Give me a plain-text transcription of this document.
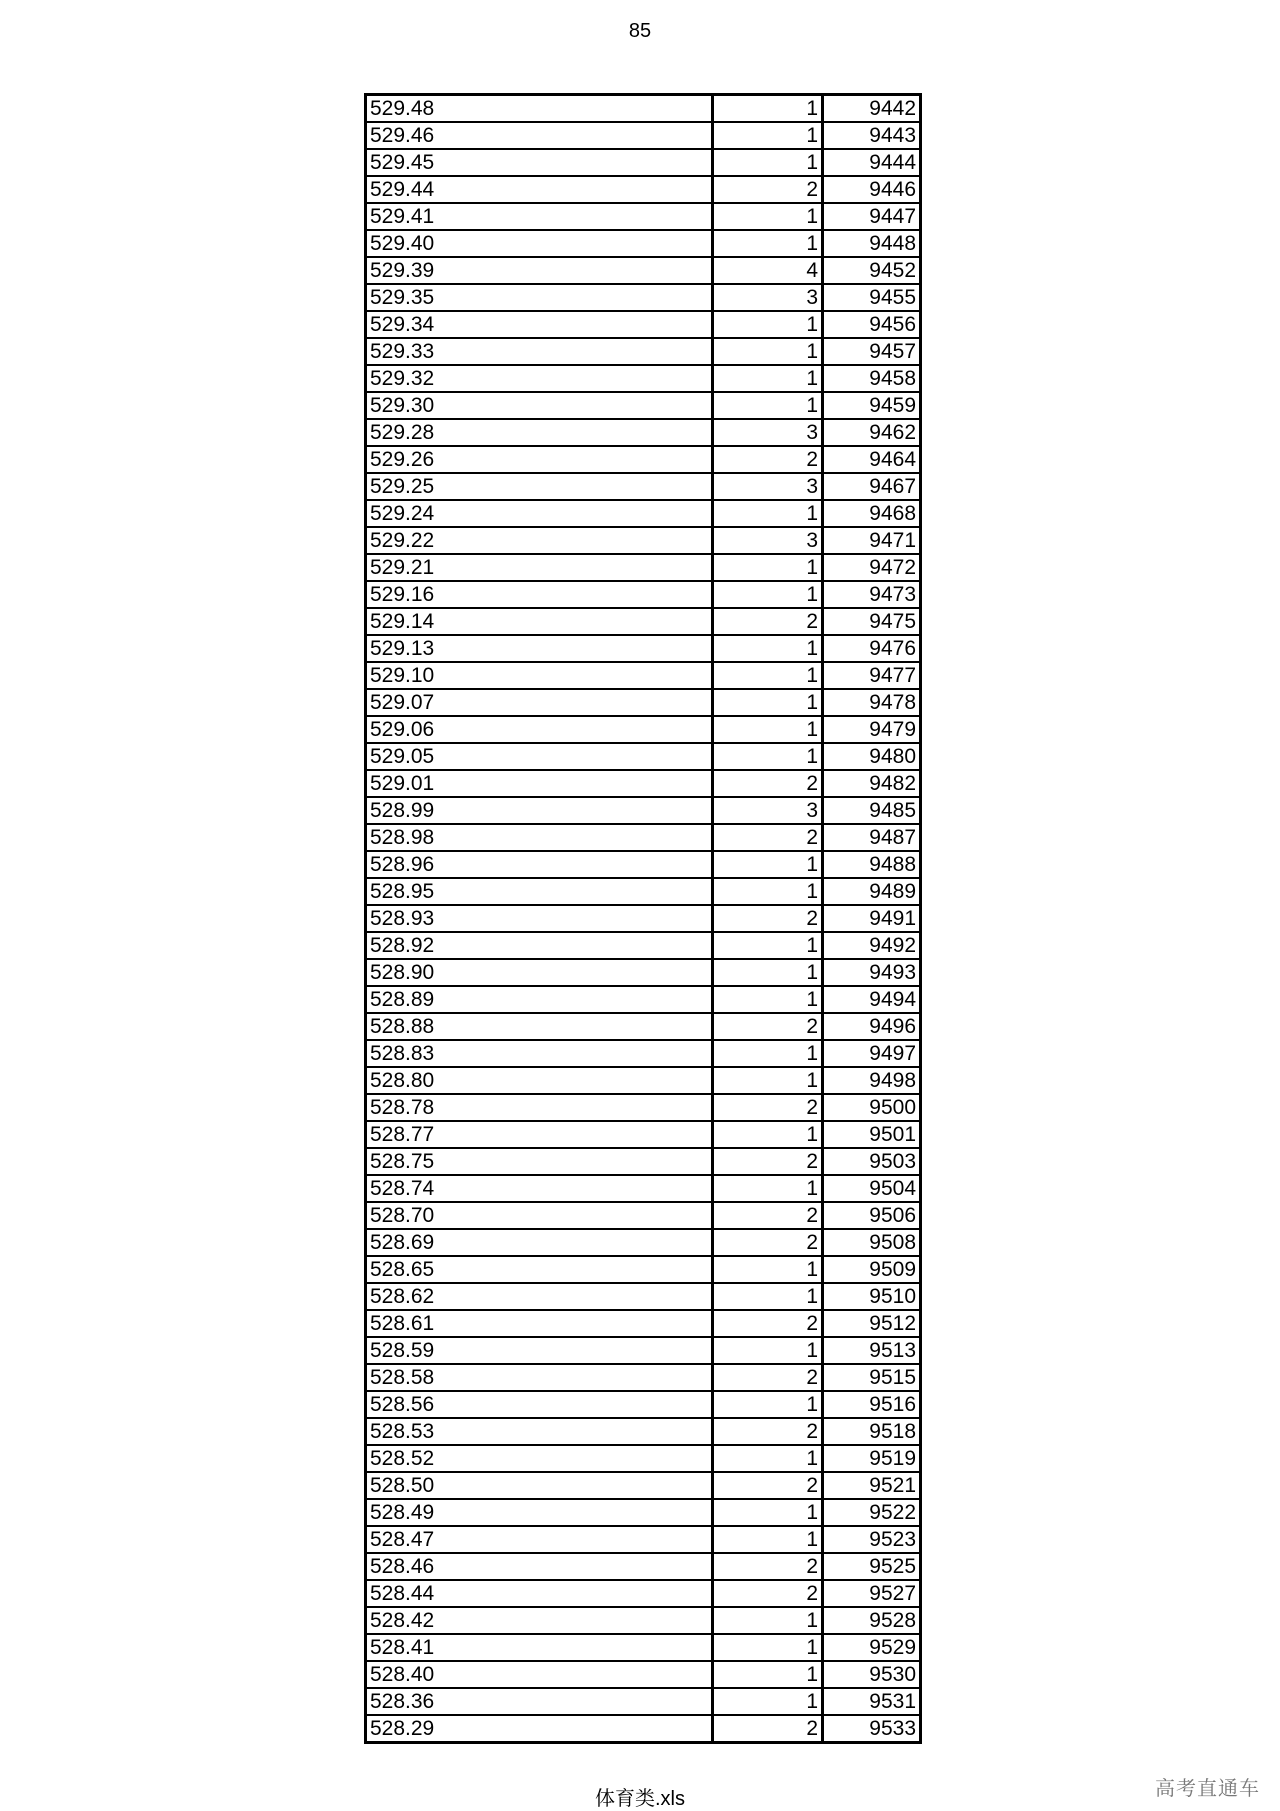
85
529.48	1	9442
529.46	1	9443
529.45	1	9444
529.44	2	9446
529.41	1	9447
529.40	1	9448
529.39	4	9452
529.35	3	9455
529.34	1	9456
529.33	1	9457
529.32	1	9458
529.30	1	9459
529.28	3	9462
529.26	2	9464
529.25	3	9467
529.24	1	9468
529.22	3	9471
529.21	1	9472
529.16	1	9473
529.14	2	9475
529.13	1	9476
529.10	1	9477
529.07	1	9478
529.06	1	9479
529.05	1	9480
529.01	2	9482
528.99	3	9485
528.98	2	9487
528.96	1	9488
528.95	1	9489
528.93	2	9491
528.92	1	9492
528.90	1	9493
528.89	1	9494
528.88	2	9496
528.83	1	9497
528.80	1	9498
528.78	2	9500
528.77	1	9501
528.75	2	9503
528.74	1	9504
528.70	2	9506
528.69	2	9508
528.65	1	9509
528.62	1	9510
528.61	2	9512
528.59	1	9513
528.58	2	9515
528.56	1	9516
528.53	2	9518
528.52	1	9519
528.50	2	9521
528.49	1	9522
528.47	1	9523
528.46	2	9525
528.44	2	9527
528.42	1	9528
528.41	1	9529
528.40	1	9530
528.36	1	9531
528.29	2	9533
体育类.xls	高考直通车
